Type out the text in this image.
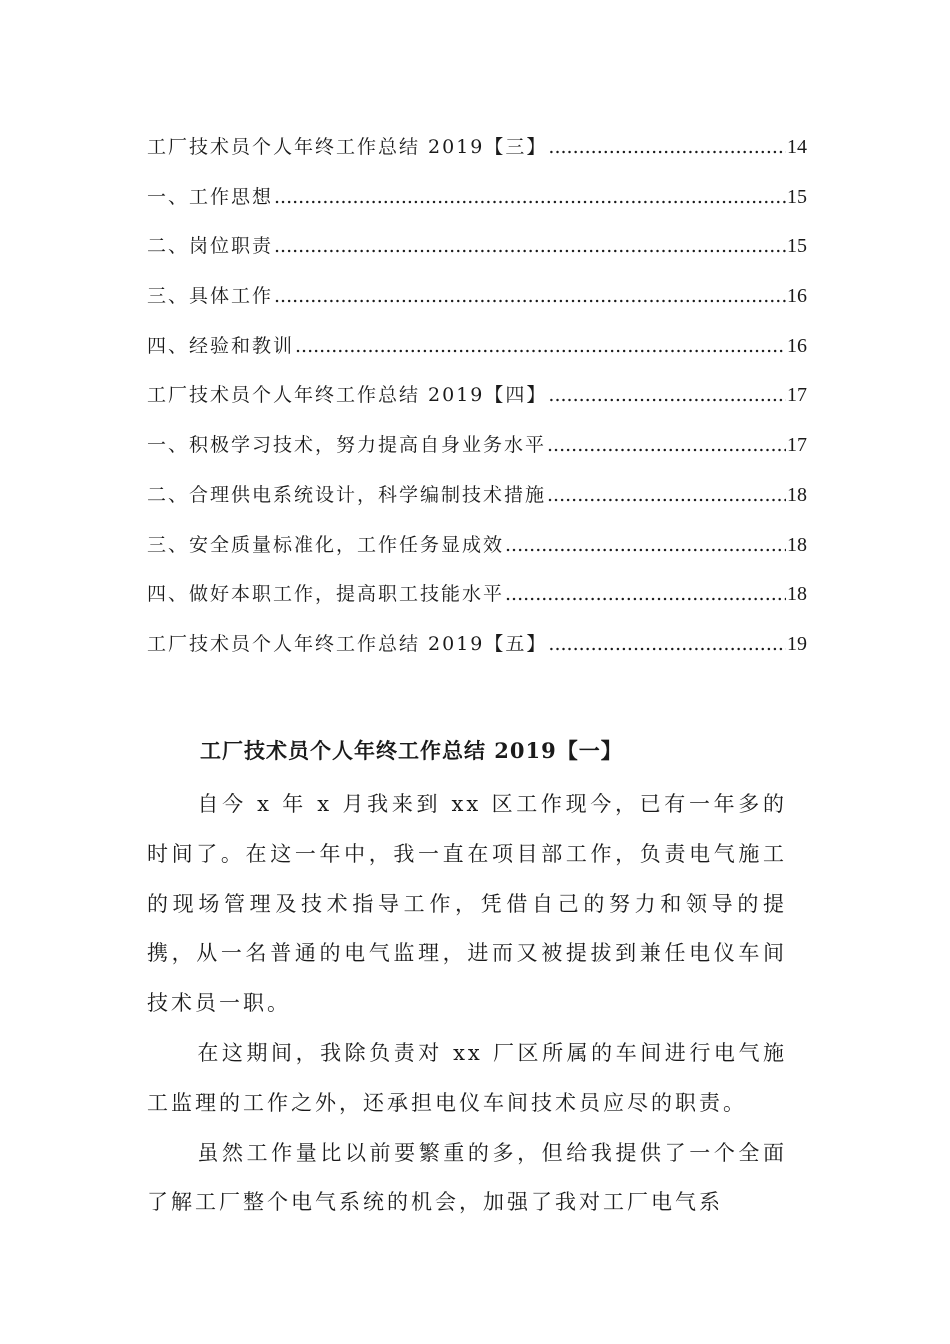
工厂技术员个人年终工作总结 2019【三】 .....	14
一、工作思想 .....	15
二、岗位职责 .....	15
三、具体工作 .....	16
四、经验和教训 .....	16
工厂技术员个人年终工作总结 2019【四】 .....	17
一、积极学习技术，努力提高自身业务水平 .....	17
二、合理供电系统设计，科学编制技术措施 .....	18
三、安全质量标准化，工作任务显成效 .....	18
四、做好本职工作，提高职工技能水平 .....	18
工厂技术员个人年终工作总结 2019【五】 .....	19
工厂技术员个人年终工作总结 2019【一】

自今 x 年 x 月我来到 xx 区工作现今，已有一年多的时间了。在这一年中，我一直在项目部工作，负责电气施工的现场管理及技术指导工作，凭借自己的努力和领导的提携，从一名普通的电气监理，进而又被提拔到兼任电仪车间技术员一职。

在这期间，我除负责对 xx 厂区所属的车间进行电气施工监理的工作之外，还承担电仪车间技术员应尽的职责。

虽然工作量比以前要繁重的多，但给我提供了一个全面了解工厂整个电气系统的机会，加强了我对工厂电气系
